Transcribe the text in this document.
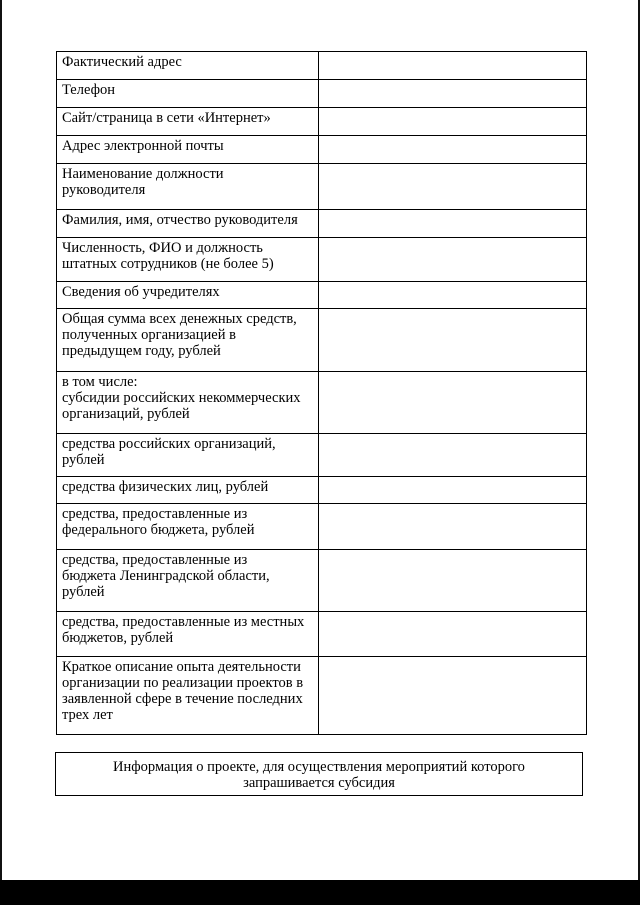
Фактический адрес	

Телефон	

Сайт/страница в сети «Интернет»	

Адрес электронной почты	

Наименование должности
руководителя	

Фамилия, имя, отчество руководителя	

Численность, ФИО и должность
штатных сотрудников (не более 5)	

Сведения об учредителях	

Общая сумма всех денежных средств,
полученных организацией в
предыдущем году, рублей	

в том числе:
субсидии российских некоммерческих
организаций, рублей	

средства российских организаций,
рублей	

средства физических лиц, рублей	

средства, предоставленные из
федерального бюджета, рублей	

средства, предоставленные из
бюджета Ленинградской области,
рублей	

средства, предоставленные из местных
бюджетов, рублей	

Краткое описание опыта деятельности
организации по реализации проектов в
заявленной сфере в течение последних
трех лет	

Информация о проекте, для осуществления мероприятий которого
запрашивается субсидия
